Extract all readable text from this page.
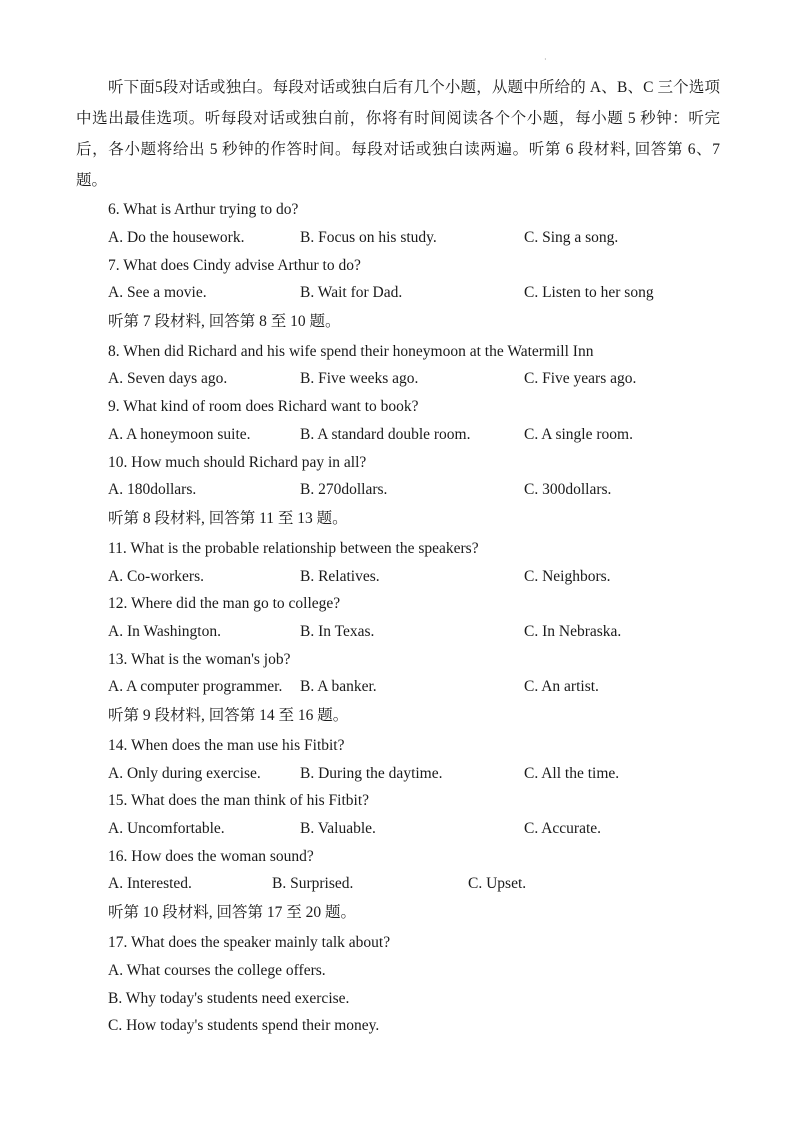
·

听下面5段对话或独白。每段对话或独白后有几个小题，从题中所给的 A、B、C 三个选项中选出最佳选项。听每段对话或独白前，你将有时间阅读各个个小题，每小题 5 秒钟：听完后，各小题将给出 5 秒钟的作答时间。每段对话或独白读两遍。听第 6 段材料, 回答第 6、7 题。

6. What is Arthur trying to do?
A. Do the housework.	B. Focus on his study.	C. Sing a song.
7. What does Cindy advise Arthur to do?
A. See a movie.	B. Wait for Dad.	C. Listen to her song
听第 7 段材料, 回答第 8 至 10 题。
8. When did Richard and his wife spend their honeymoon at the Watermill Inn
A. Seven days ago.	B. Five weeks ago.	C. Five years ago.
9. What kind of room does Richard want to book?
A. A honeymoon suite.	B. A standard double room.	C. A single room.
10. How much should Richard pay in all?
A. 180dollars.	B. 270dollars.	C. 300dollars.
听第 8 段材料, 回答第 11 至 13 题。
11. What is the probable relationship between the speakers?
A. Co-workers.	B. Relatives.	C. Neighbors.
12. Where did the man go to college?
A. In Washington.	B. In Texas.	C. In Nebraska.
13. What is the woman's job?
A. A computer programmer. B. A banker.	C. An artist.
听第 9 段材料, 回答第 14 至 16 题。
14. When does the man use his Fitbit?
A. Only during exercise.	B. During the daytime.	C. All the time.
15. What does the man think of his Fitbit?
A. Uncomfortable.	B. Valuable.	C. Accurate.
16. How does the woman sound?
A. Interested.	B. Surprised.	C. Upset.
听第 10 段材料, 回答第 17 至 20 题。
17. What does the speaker mainly talk about?
A. What courses the college offers.
B. Why today's students need exercise.
C. How today's students spend their money.
